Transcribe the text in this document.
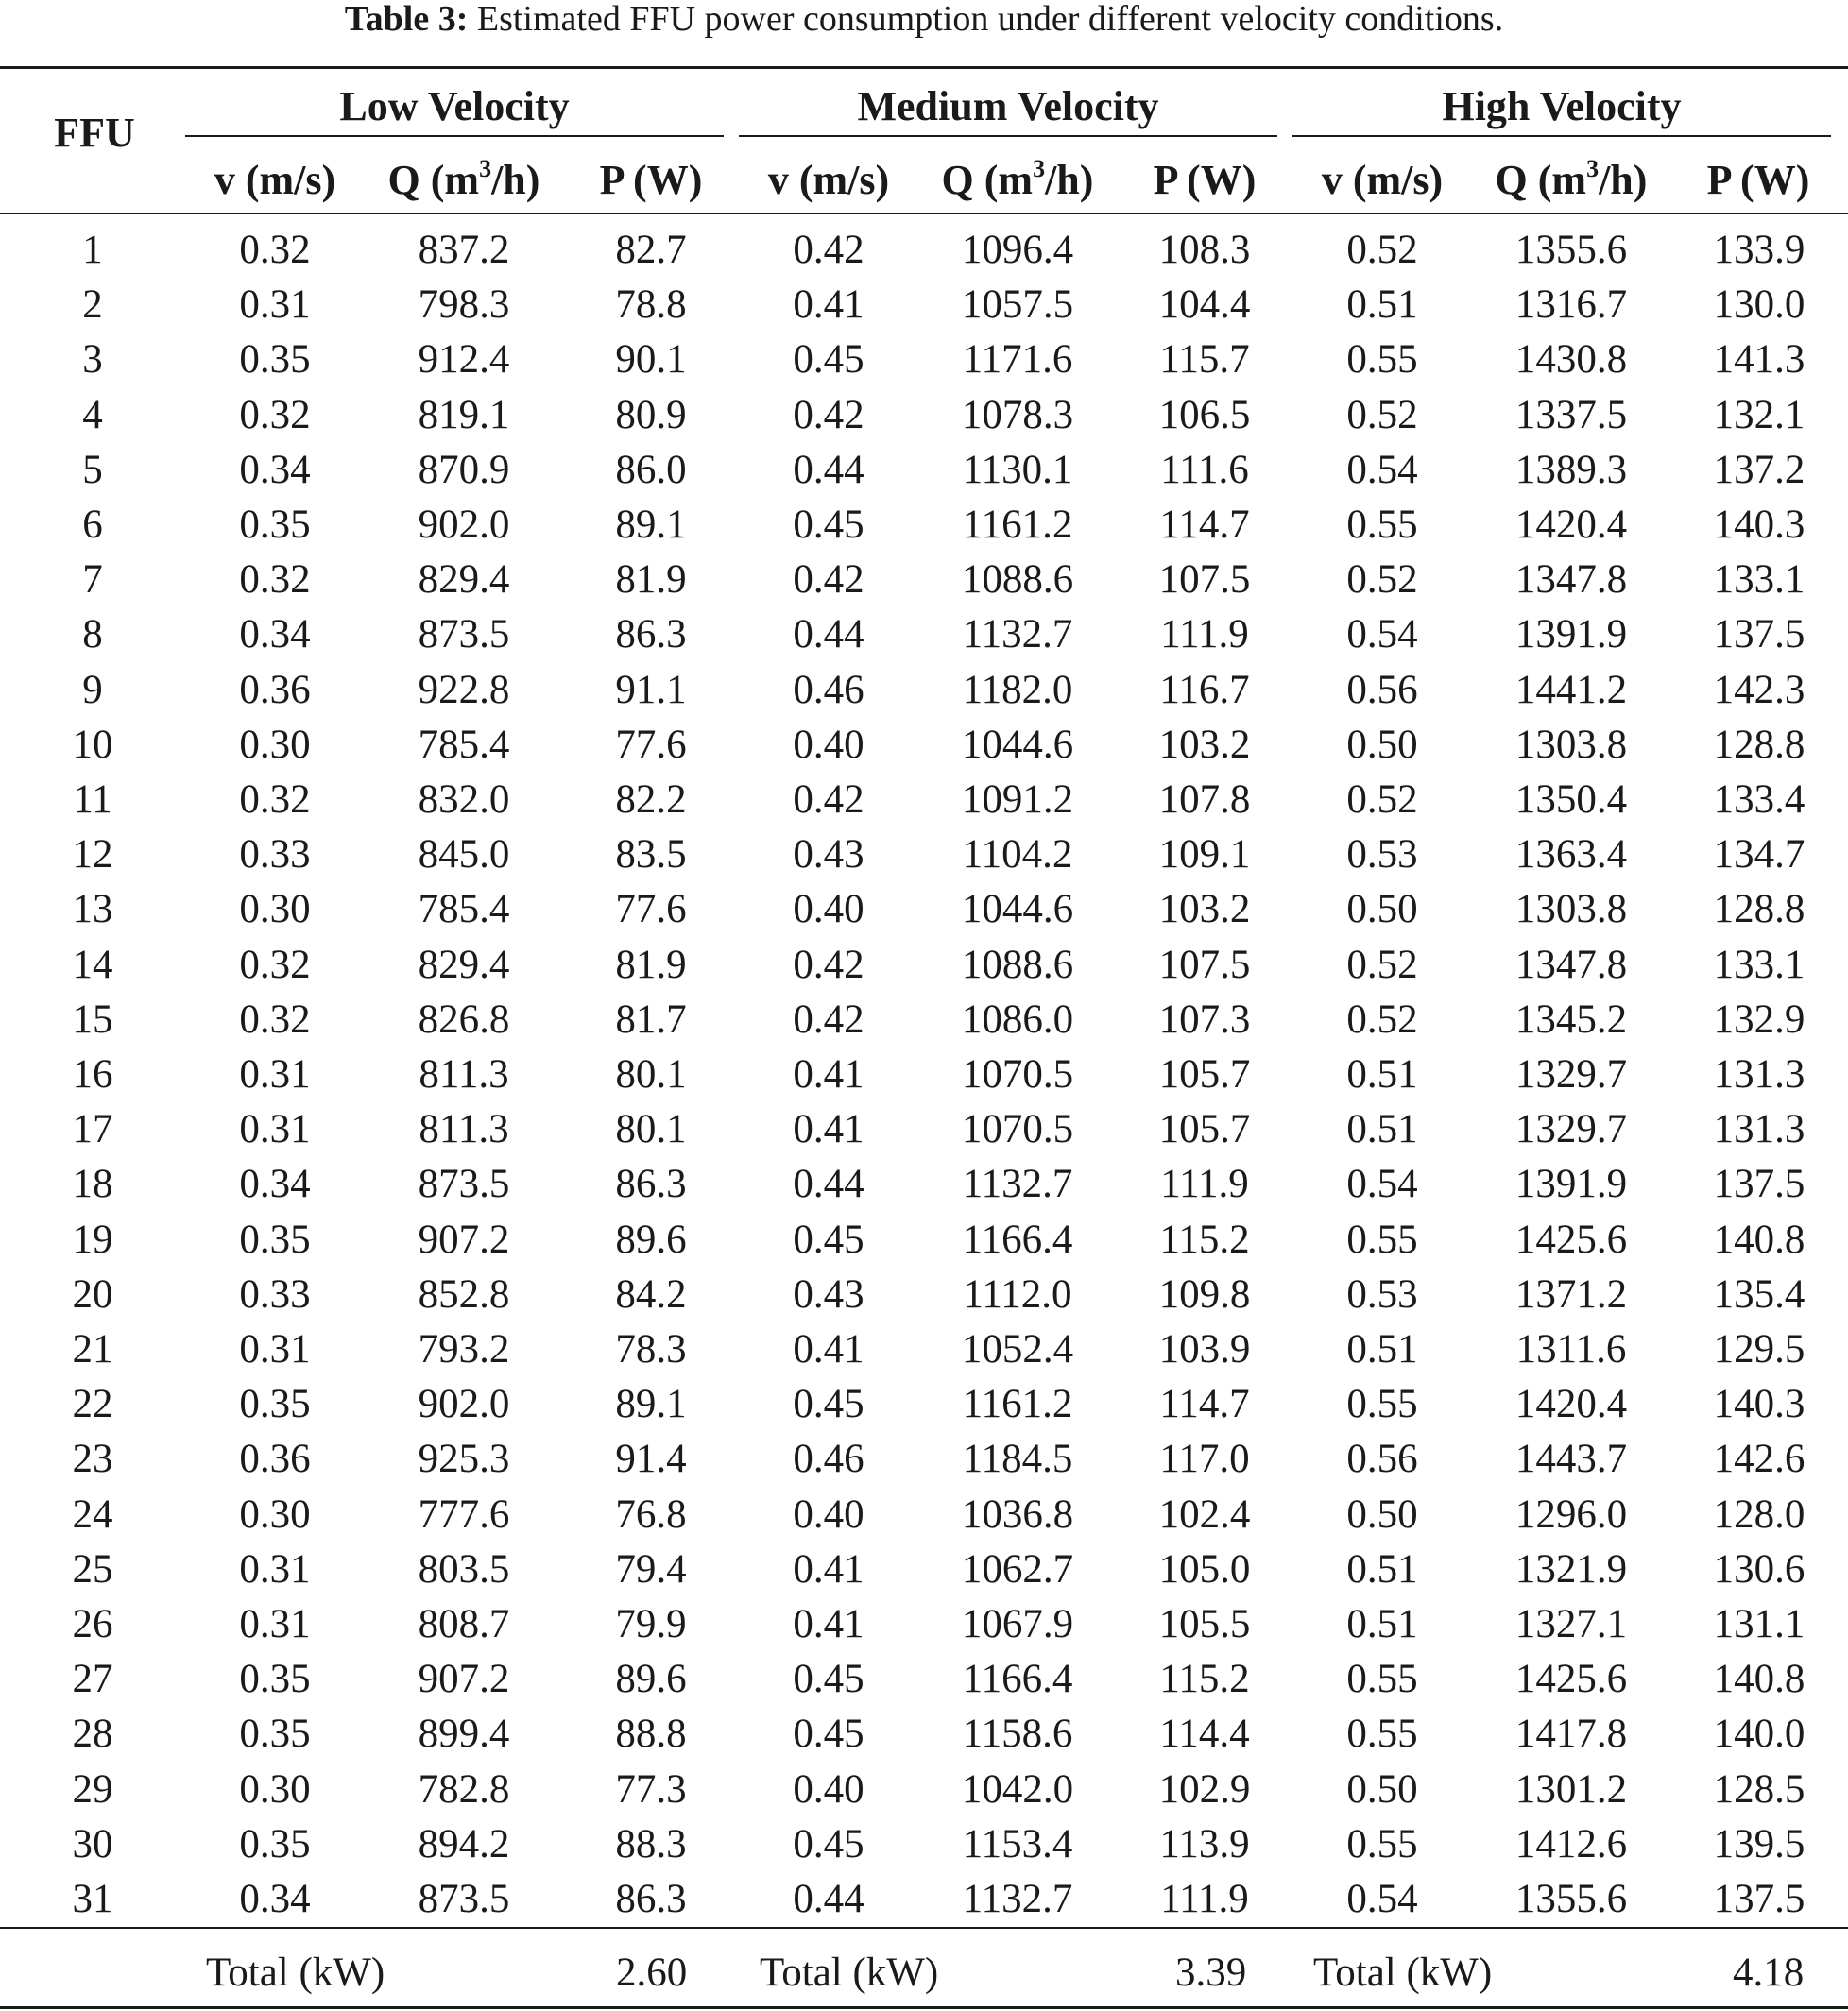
Table 3: Estimated FFU power consumption under different velocity conditions.
FFU
Low Velocity	Medium Velocity	High Velocity
v (m/s)	Q $(m^3/h)$	P (W)	v (m/s)	Q $(m^3/h)$	P (W)	v (m/s)	Q $(m^3/h)$	P (W)
1	0.32	837.2	82.7	0.42	1096.4	108.3	0.52	1355.6	133.9
2	0.31	798.3	78.8	0.41	1057.5	104.4	0.51	1316.7	130.0
3	0.35	912.4	90.1	0.45	1171.6	115.7	0.55	1430.8	141.3
4	0.32	819.1	80.9	0.42	1078.3	106.5	0.52	1337.5	132.1
5	0.34	870.9	86.0	0.44	1130.1	111.6	0.54	1389.3	137.2
6	0.35	902.0	89.1	0.45	1161.2	114.7	0.55	1420.4	140.3
7	0.32	829.4	81.9	0.42	1088.6	107.5	0.52	1347.8	133.1
8	0.34	873.5	86.3	0.44	1132.7	111.9	0.54	1391.9	137.5
9	0.36	922.8	91.1	0.46	1182.0	116.7	0.56	1441.2	142.3
10	0.30	785.4	77.6	0.40	1044.6	103.2	0.50	1303.8	128.8
11	0.32	832.0	82.2	0.42	1091.2	107.8	0.52	1350.4	133.4
12	0.33	845.0	83.5	0.43	1104.2	109.1	0.53	1363.4	134.7
13	0.30	785.4	77.6	0.40	1044.6	103.2	0.50	1303.8	128.8
14	0.32	829.4	81.9	0.42	1088.6	107.5	0.52	1347.8	133.1
15	0.32	826.8	81.7	0.42	1086.0	107.3	0.52	1345.2	132.9
16	0.31	811.3	80.1	0.41	1070.5	105.7	0.51	1329.7	131.3
17	0.31	811.3	80.1	0.41	1070.5	105.7	0.51	1329.7	131.3
18	0.34	873.5	86.3	0.44	1132.7	111.9	0.54	1391.9	137.5
19	0.35	907.2	89.6	0.45	1166.4	115.2	0.55	1425.6	140.8
20	0.33	852.8	84.2	0.43	1112.0	109.8	0.53	1371.2	135.4
21	0.31	793.2	78.3	0.41	1052.4	103.9	0.51	1311.6	129.5
22	0.35	902.0	89.1	0.45	1161.2	114.7	0.55	1420.4	140.3
23	0.36	925.3	91.4	0.46	1184.5	117.0	0.56	1443.7	142.6
24	0.30	777.6	76.8	0.40	1036.8	102.4	0.50	1296.0	128.0
25	0.31	803.5	79.4	0.41	1062.7	105.0	0.51	1321.9	130.6
26	0.31	808.7	79.9	0.41	1067.9	105.5	0.51	1327.1	131.1
27	0.35	907.2	89.6	0.45	1166.4	115.2	0.55	1425.6	140.8
28	0.35	899.4	88.8	0.45	1158.6	114.4	0.55	1417.8	140.0
29	0.30	782.8	77.3	0.40	1042.0	102.9	0.50	1301.2	128.5
30	0.35	894.2	88.3	0.45	1153.4	113.9	0.55	1412.6	139.5
31	0.34	873.5	86.3	0.44	1132.7	111.9	0.54	1355.6	137.5
Total (kW)	2.60 Total (kW)	3.39 Total (kW)	4.18
